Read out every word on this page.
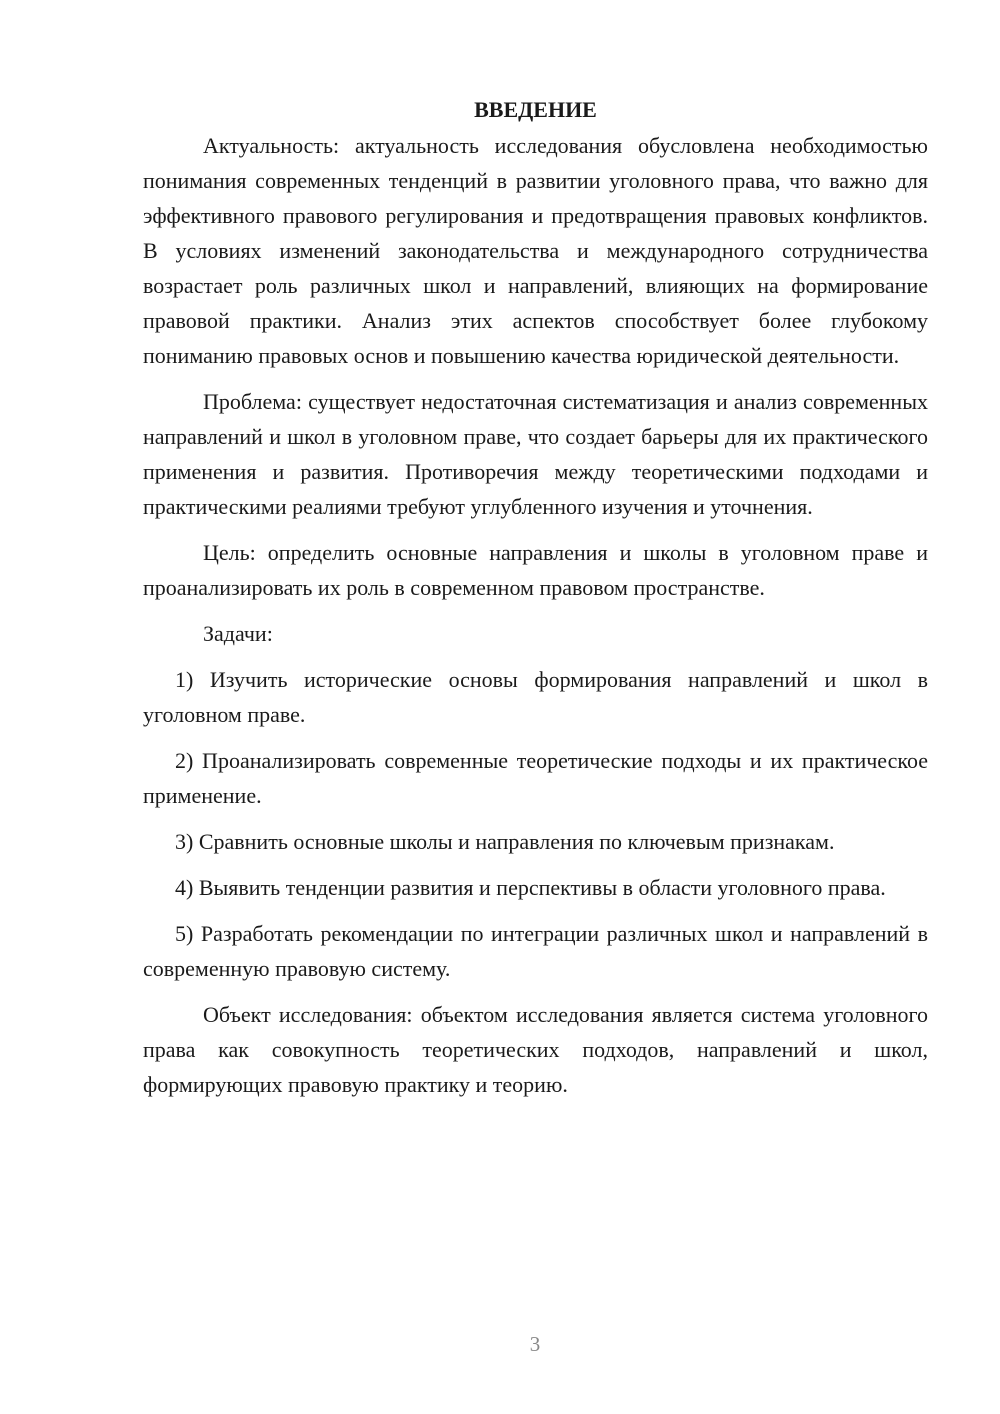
ВВЕДЕНИЕ

Актуальность: актуальность исследования обусловлена необходимостью понимания современных тенденций в развитии уголовного права, что важно для эффективного правового регулирования и предотвращения правовых конфликтов. В условиях изменений законодательства и международного сотрудничества возрастает роль различных школ и направлений, влияющих на формирование правовой практики. Анализ этих аспектов способствует более глубокому пониманию правовых основ и повышению качества юридической деятельности.

Проблема: существует недостаточная систематизация и анализ современных направлений и школ в уголовном праве, что создает барьеры для их практического применения и развития. Противоречия между теоретическими подходами и практическими реалиями требуют углубленного изучения и уточнения.

Цель: определить основные направления и школы в уголовном праве и проанализировать их роль в современном правовом пространстве.

Задачи:

1) Изучить исторические основы формирования направлений и школ в уголовном праве.

2) Проанализировать современные теоретические подходы и их практическое применение.

3) Сравнить основные школы и направления по ключевым признакам.

4) Выявить тенденции развития и перспективы в области уголовного права.

5) Разработать рекомендации по интеграции различных школ и направлений в современную правовую систему.

Объект исследования: объектом исследования является система уголовного права как совокупность теоретических подходов, направлений и школ, формирующих правовую практику и теорию.

3
